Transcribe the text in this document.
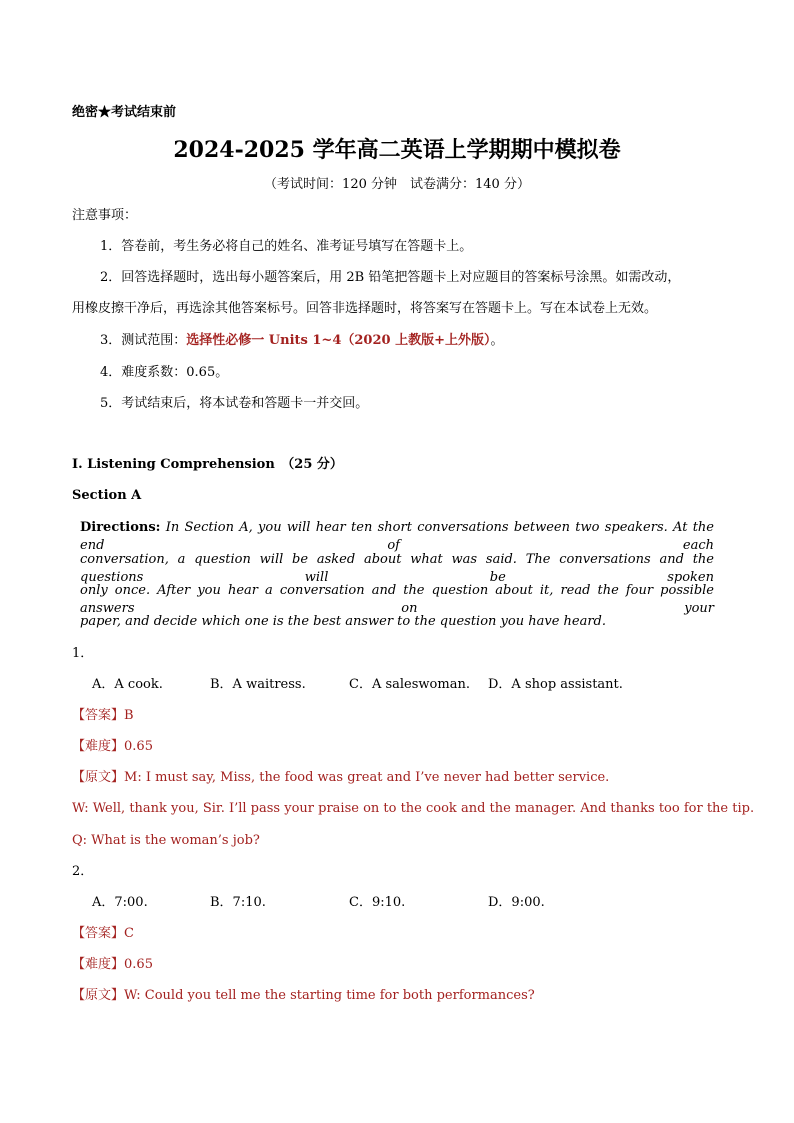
绝密★考试结束前
2024-2025 学年高二英语上学期期中模拟卷
（考试时间：120 分钟　试卷满分：140 分）
注意事项：
1．答卷前，考生务必将自己的姓名、准考证号填写在答题卡上。
2．回答选择题时，选出每小题答案后，用 2B 铅笔把答题卡上对应题目的答案标号涂黑。如需改动，
用橡皮擦干净后，再选涂其他答案标号。回答非选择题时，将答案写在答题卡上。写在本试卷上无效。
3．测试范围：选择性必修一 Units 1~4（2020 上教版+上外版）。
4．难度系数：0.65。
5．考试结束后，将本试卷和答题卡一并交回。
I. Listening Comprehension　（25 分）
Section A
Directions: In Section A, you will hear ten short conversations between two speakers. At the end of each
conversation, a question will be asked about what was said. The conversations and the questions will be spoken
only once. After you hear a conversation and the question about it, read the four possible answers on your
paper, and decide which one is the best answer to the question you have heard.
1．
A．A cook.	B．A waitress.	C．A saleswoman. D．A shop assistant.
【答案】B
【难度】0.65
【原文】M: I must say, Miss, the food was great and I’ve never had better service.
W: Well, thank you, Sir. I’ll pass your praise on to the cook and the manager. And thanks too for the tip.
Q: What is the woman’s job?
2．
A．7:00.	B．7:10.	C．9:10.	D．9:00.
【答案】C
【难度】0.65
【原文】W: Could you tell me the starting time for both performances?
